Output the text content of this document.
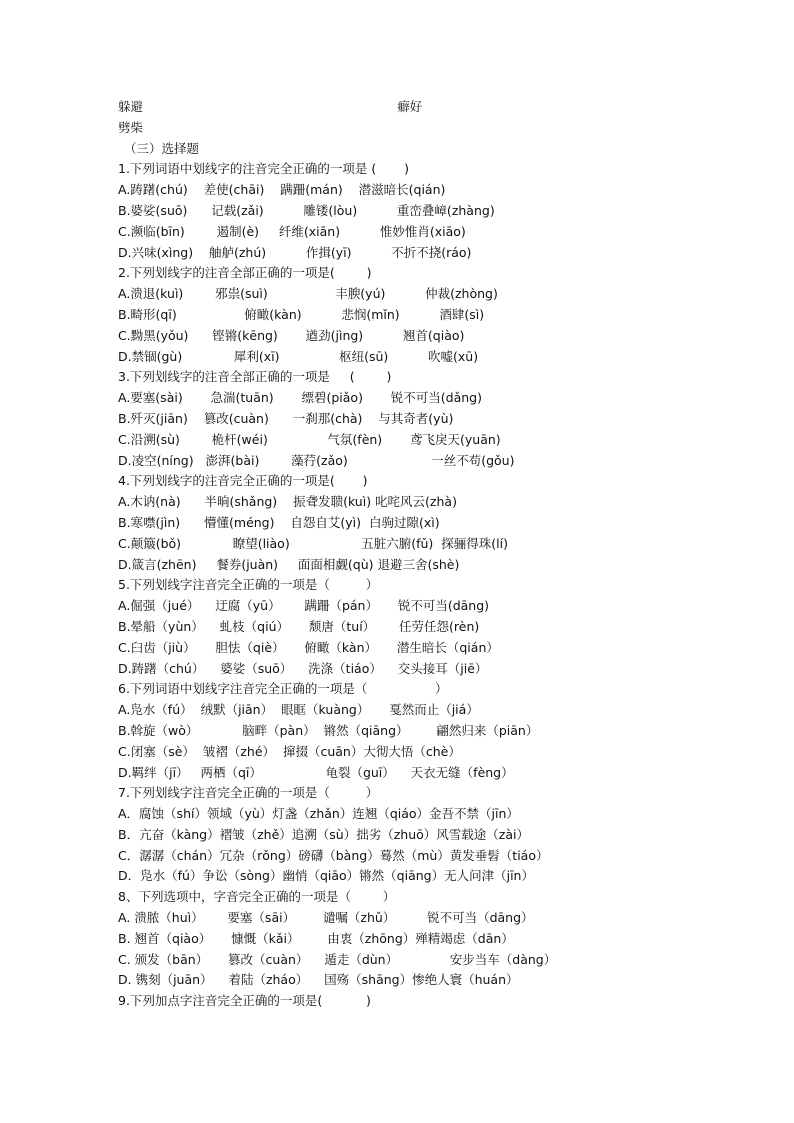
躲避                                                                癖好
劈柴
（三）选择题
1.下列词语中划线字的注音完全正确的一项是 (       )
A.踌躇(chú)    差使(chāi)    蹒跚(mán)    潜滋暗长(qián)
B.婆娑(suō)      记载(zǎi)          雕镂(lòu)          重峦叠嶂(zhàng)
C.濒临(bīn)        遏制(è)     纤维(xiān)          惟妙惟肖(xiāo)
D.兴味(xìng)    舳舻(zhú)          作揖(yī)          不折不挠(ráo)
2.下列划线字的注音全部正确的一项是(        )
A.溃退(kuì)        邪祟(suì)                 丰腴(yú)          仲裁(zhòng)
B.畸形(qī)                 俯瞰(kàn)          悲悯(mǐn)          酒肆(sì)
C.黝黑(yǒu)      铿锵(kēng)       遒劲(jìng)          翘首(qiào)
D.禁锢(gù)             犀利(xī)               枢纽(sū)          吹嘘(xū)
3.下列划线字的注音全部正确的一项是     (        )
A.要塞(sài)       急湍(tuān)       缥碧(piǎo)       锐不可当(dǎng)
B.歼灭(jiān)    篡改(cuàn)      一刹那(chà)    与其奇者(yù)
C.沿溯(sù)        桅杆(wéi)               气氛(fèn)       鸢飞戾天(yuān)
D.凌空(níng)   澎湃(bài)        藻荇(zǎo)                     一丝不苟(gǒu)
4.下列划线字的注音完全正确的一项是(       )
A.木讷(nà)      半晌(shǎng)    振聋发聩(kuì) 叱咤风云(zhà)
B.寒噤(jìn)      懵懂(méng)    自怨自艾(yì)  白驹过隙(xì)
C.颠簸(bǒ)             瞭望(liào)                  五脏六腑(fǔ)  探骊得珠(lí)
D.箴言(zhēn)     餐券(juàn)     面面相觑(qù) 退避三舍(shè)
5.下列划线字注音完全正确的一项是（         ）
A.倔强（jué）    迂腐（yū）      蹒跚（pán）     锐不可当(dāng)
B.晕船（yùn）    虬枝（qiú）     颓唐（tuí）      任劳任怨(rèn)
C.臼齿（jiù）     胆怯（qiè）     俯瞰（kàn）     潜生暗长（qián）
D.踌躇（chú）    婆娑（suō）    洗涤（tiáo）    交头接耳（jiē）
6.下列词语中划线字注音完全正确的一项是（                 ）
A.凫水（fú）  绒默（jiān）  眼眶（kuàng）     戛然而止（jiá）
B.斡旋（wò）           脑畔（pàn）  锵然（qiāng）       翩然归来（piān）
C.闭塞（sè）  皱褶（zhé）  撺掇（cuān）大彻大悟（chè）
D.羁绊（jī）   两栖（qī）                龟裂（guī）    天衣无缝（fèng）
7.下列划线字注音完全正确的一项是（         ）
A．腐蚀（shí）领域（yù）灯盏（zhǎn）连翘（qiáo）金吾不禁（jīn）
B．亢奋（kàng）褶皱（zhě）追溯（sù）拙劣（zhuō）风雪载途（zài）
C．潺潺（chán）冗杂（rǒng）磅礴（bàng）蓦然（mù）黄发垂髫（tiáo）
D．凫水（fú）争讼（sòng）幽悄（qiāo）锵然（qiāng）无人问津（jīn）
8、下列选项中，字音完全正确的一项是（        ）
A. 溃脓（huì）      要塞（sāi）       谴嘱（zhǔ）        锐不可当（dāng）
B. 翘首（qiào）     慷慨（kǎi）       由衷（zhōng）殚精竭虑（dān）
C. 颁发（bān）     篡改（cuàn）    遁走（dùn）             安步当车（dàng）
D. 镌刻（juān）    着陆（zháo）    国殇（shāng）惨绝人寰（huán）
9.下列加点字注音完全正确的一项是(           )
